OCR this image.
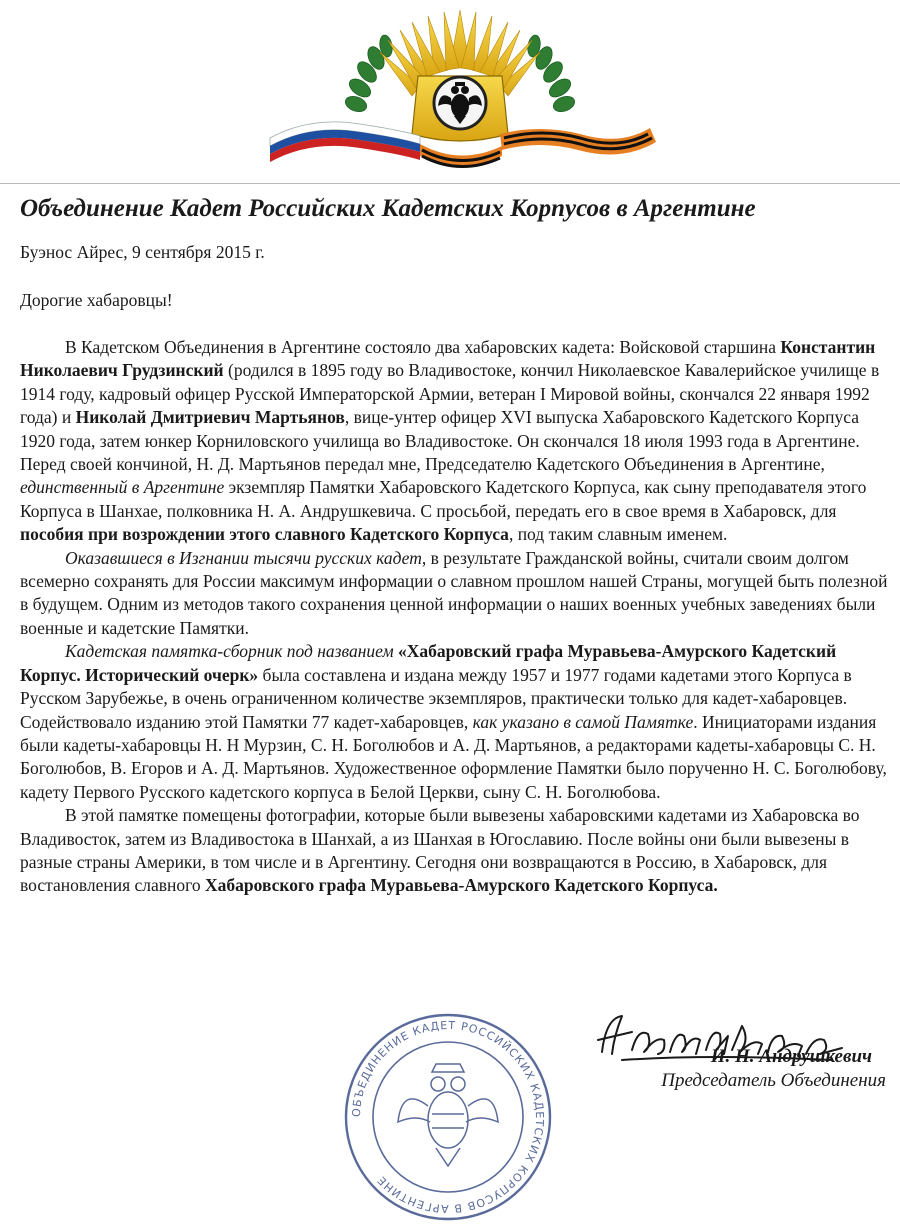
Объединение Кадет Российских Кадетских Корпусов в Аргентине

Буэнос Айрес, 9 сентября 2015 г.

Дорогие хабаровцы!

В Кадетском Объединения в Аргентине состояло два хабаровских кадета: Войсковой старшина Константин Николаевич Грудзинский (родился в 1895 году во Владивостоке, кончил Николаевское Кавалерийское училище в 1914 году, кадровый офицер Русской Императорской Армии, ветеран I Мировой войны, скончался 22 января 1992 года) и Николай Дмитриевич Мартьянов, вице-унтер офицер XVI выпуска Хабаровского Кадетского Корпуса 1920 года, затем юнкер Корниловского училища во Владивостоке. Он скончался 18 июля 1993 года в Аргентине. Перед своей кончиной, Н. Д. Мартьянов передал мне, Председателю Кадетского Объединения в Аргентине, единственный в Аргентине экземпляр Памятки Хабаровского Кадетского Корпуса, как сыну преподавателя этого Корпуса в Шанхае, полковника Н. А. Андрушкевича. С просьбой, передать его в свое время в Хабаровск, для пособия при возрождении этого славного Кадетского Корпуса, под таким славным именем.

Оказавшиеся в Изгнании тысячи русских кадет, в результате Гражданской войны, считали своим долгом всемерно сохранять для России максимум информации о славном прошлом нашей Страны, могущей быть полезной в будущем. Одним из методов такого сохранения ценной информации о наших военных учебных заведениях были военные и кадетские Памятки.

Кадетская памятка-сборник под названием «Хабаровский графа Муравьева-Амурского Кадетский Корпус. Исторический очерк» была составлена и издана между 1957 и 1977 годами кадетами этого Корпуса в Русском Зарубежье, в очень ограниченном количестве экземпляров, практически только для кадет-хабаровцев. Содействовало изданию этой Памятки 77 кадет-хабаровцев, как указано в самой Памятке. Инициаторами издания были кадеты-хабаровцы Н. Н Мурзин, С. Н. Боголюбов и А. Д. Мартьянов, а редакторами кадеты-хабаровцы С. Н. Боголюбов, В. Егоров и А. Д. Мартьянов. Художественное оформление Памятки было порученно Н. С. Боголюбову, кадету Первого Русского кадетского корпуса в Белой Церкви, сыну С. Н. Боголюбова.

В этой памятке помещены фотографии, которые были вывезены хабаровскими кадетами из Хабаровска во Владивосток, затем из Владивостока в Шанхай, а из Шанхая в Югославию. После войны они были вывезены в разные страны Америки, в том числе и в Аргентину. Сегодня они возвращаются в Россию, в Хабаровск, для востановления славного Хабаровского графа Муравьева-Амурского Кадетского Корпуса.

ОБЪЕДИНЕНИЕ КАДЕТ РОССИЙСКИХ КАДЕТСКИХ КОРПУСОВ В АРГЕНТИНЕ

И. Н. Андрушкевич

Председатель Объединения
